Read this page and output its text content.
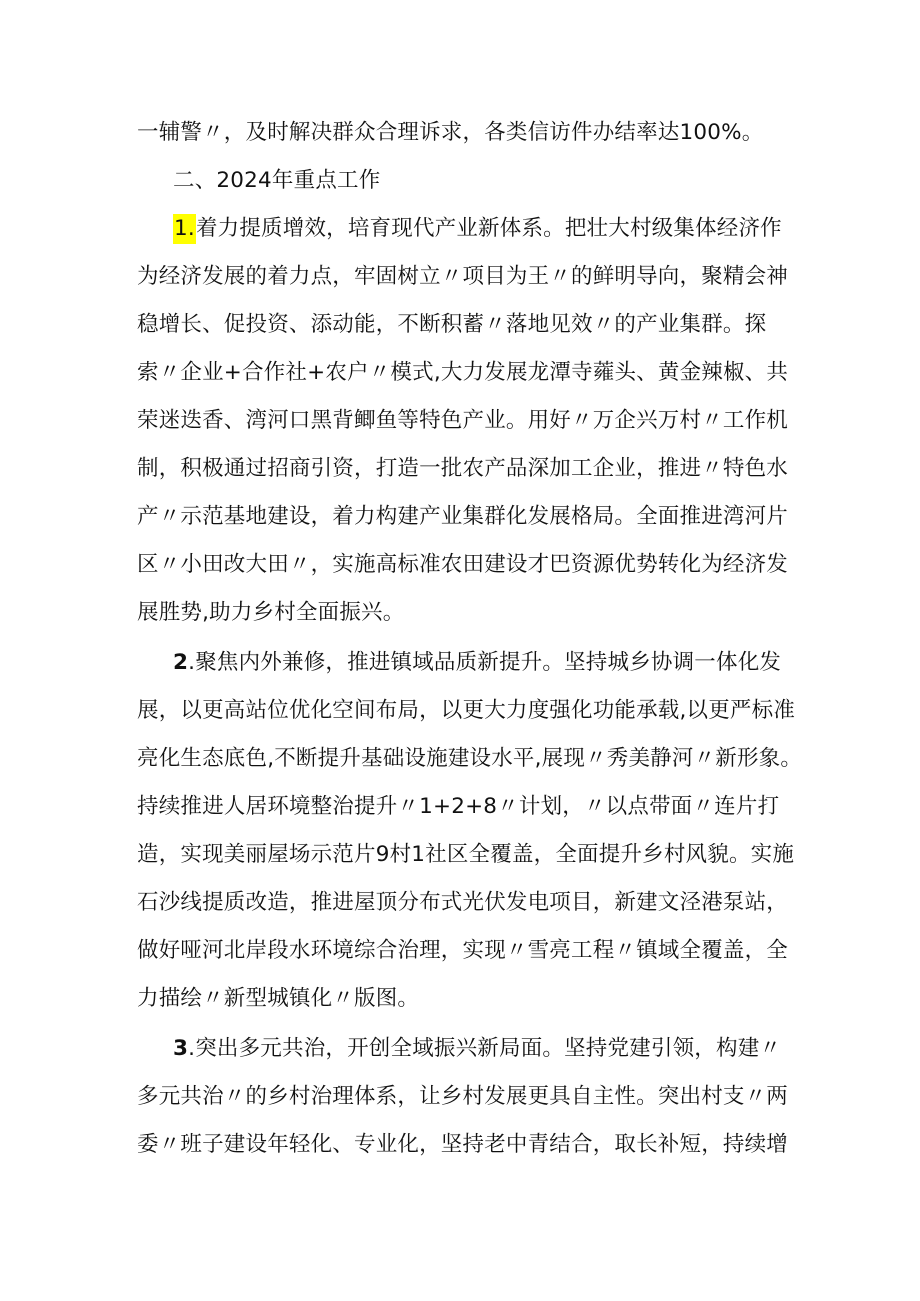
一辅警〃，及时解决群众合理诉求，各类信访件办结率达100%。
二、2024年重点工作
1.着力提质增效，培育现代产业新体系。把壮大村级集体经济作
为经济发展的着力点，牢固树立〃项目为王〃的鲜明导向，聚精会神
稳增长、促投资、添动能，不断积蓄〃落地见效〃的产业集群。探
索〃企业+合作社+农户〃模式,大力发展龙潭寺蕹头、黄金辣椒、共
荣迷迭香、湾河口黑背鲫鱼等特色产业。用好〃万企兴万村〃工作机
制，积极通过招商引资，打造一批农产品深加工企业，推进〃特色水
产〃示范基地建设，着力构建产业集群化发展格局。全面推进湾河片
区〃小田改大田〃，实施高标准农田建设才巴资源优势转化为经济发
展胜势,助力乡村全面振兴。
2.聚焦内外兼修，推进镇域品质新提升。坚持城乡协调一体化发
展，以更高站位优化空间布局，以更大力度强化功能承载,以更严标准
亮化生态底色,不断提升基础设施建设水平,展现〃秀美静河〃新形象。
持续推进人居环境整治提升〃1+2+8〃计划，〃以点带面〃连片打
造，实现美丽屋场示范片9村1社区全覆盖，全面提升乡村风貌。实施
石沙线提质改造，推进屋顶分布式光伏发电项目，新建文泾港泵站，
做好哑河北岸段水环境综合治理，实现〃雪亮工程〃镇域全覆盖，全
力描绘〃新型城镇化〃版图。
3.突出多元共治，开创全域振兴新局面。坚持党建引领，构建〃
多元共治〃的乡村治理体系，让乡村发展更具自主性。突出村支〃两
委〃班子建设年轻化、专业化，坚持老中青结合，取长补短，持续增
